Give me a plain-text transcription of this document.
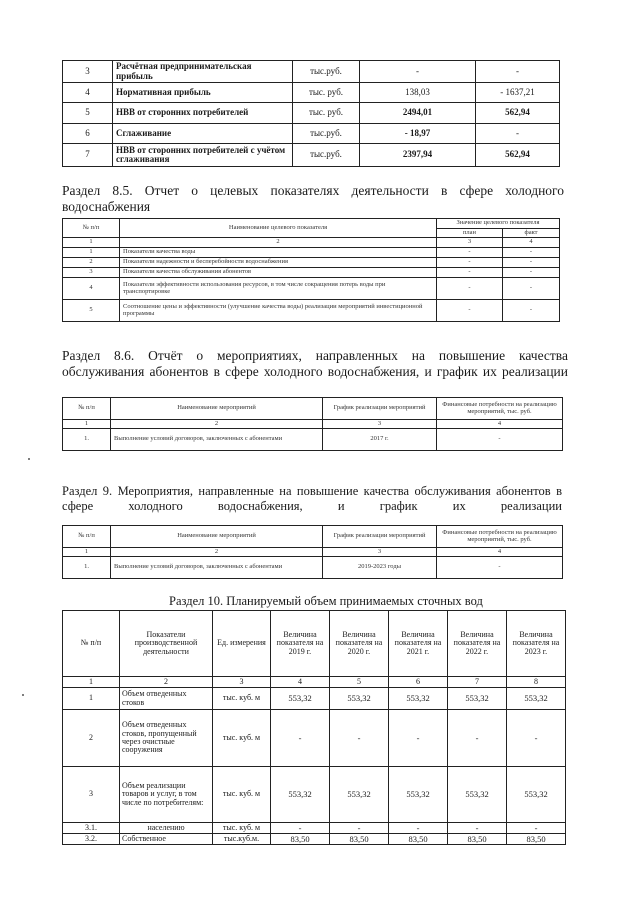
3	Расчётная предпринимательская прибыль	тыс.руб.	-	-
4	Нормативная прибыль	тыс. руб.	138,03	- 1637,21
5	НВВ от сторонних потребителей	тыс. руб.	2494,01	562,94
6	Сглаживание	тыс.руб.	- 18,97	-
7	НВВ от сторонних потребителей с учётом сглаживания	тыс.руб.	2397,94	562,94

Раздел 8.5. Отчет о целевых показателях деятельности в сфере холодного водоснабжения

№ п/п	Наименование целевого показателя	Значение целевого показателя	
		план	факт
1	2	3	4
1	Показатели качества воды	-	-
2	Показатели надежности и бесперебойности водоснабжения	-	-
3	Показатели качества обслуживания абонентов	-	-
4	Показатели эффективности использования ресурсов, в том числе сокращения потерь воды при транспортировке	-	-
5	Соотношение цены и эффективности (улучшение качества воды) реализации мероприятий инвестиционной программы	-	-

Раздел 8.6. Отчёт о мероприятиях, направленных на повышение качества обслуживания абонентов в сфере холодного водоснабжения, и график их реализации

№ п/п	Наименование мероприятий	График реализации мероприятий	Финансовые потребности на реализацию мероприятий, тыс. руб.
1	2	3	4
1.	Выполнение условий договоров, заключенных с абонентами	2017 г.	-

Раздел 9. Мероприятия, направленные на повышение качества обслуживания абонентов в сфере холодного водоснабжения, и график их реализации

№ п/п	Наименование мероприятий	График реализации мероприятий	Финансовые потребности на реализацию мероприятий, тыс. руб.
1	2	3	4
1.	Выполнение условий договоров, заключенных с абонентами	2019-2023 годы	-

Раздел 10. Планируемый объем принимаемых сточных вод

№ п/п	Показатели производственной деятельности	Ед. измерения	Величина показателя на 2019 г.	Величина показателя на 2020 г.	Величина показателя на 2021 г.	Величина показателя на 2022 г.	Величина показателя на 2023 г.
1	2	3	4	5	6	7	8
1	Объем отведенных стоков	тыс. куб. м	553,32	553,32	553,32	553,32	553,32
2	Объем отведенных стоков, пропущенный через очистные сооружения	тыс. куб. м	-	-	-	-	-
3	Объем реализации товаров и услуг, в том числе по потребителям:	тыс. куб. м	553,32	553,32	553,32	553,32	553,32
3.1.	населению	тыс. куб. м	-	-	-	-	-
3.2.	Собственное	тыс.куб.м.	83,50	83,50	83,50	83,50	83,50
